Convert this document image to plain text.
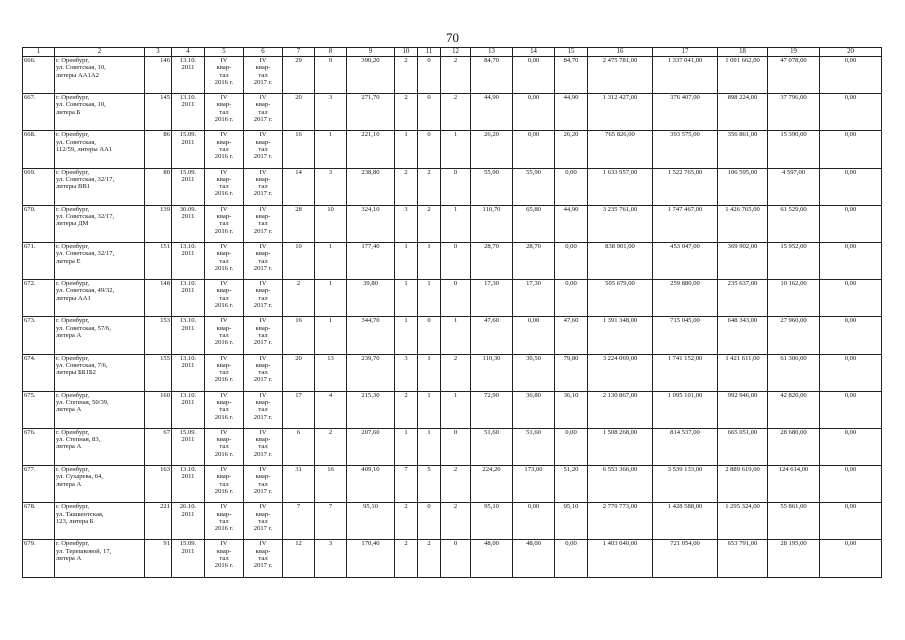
70
1	2	3	4	5	6	7	8	9	10	11	12	13	14	15	16	17	18	19	20
666.	г. Оренбург,
ул. Советская, 10,
литеры АА1А2	146	13.10.
2011	IV
квар-
тал
2016 г.	IV
квар-
тал
2017 г.	29	9	390,20	2	0	2	84,70	0,00	84,70	2 475 781,00	1 337 041,00	1 091 662,00	47 078,00	0,00
667.	г. Оренбург,
ул. Советская, 10,
литера Б	145	13.10.
2011	IV
квар-
тал
2016 г.	IV
квар-
тал
2017 г.	20	3	271,70	2	0	2	44,90	0,00	44,90	1 312 427,00	376 407,00	898 224,00	37 796,00	0,00
668.	г. Оренбург,
ул. Советская,
112/59, литеры АА1	86	15.09.
2011	IV
квар-
тал
2016 г.	IV
квар-
тал
2017 г.	16	1	221,10	1	0	1	26,20	0,00	26,20	765 826,00	393 575,00	356 861,00	15 390,00	0,00
669.	г. Оренбург,
ул. Советская, 32/17,
литеры ВВ1	80	15.09.
2011	IV
квар-
тал
2016 г.	IV
квар-
тал
2017 г.	14	3	238,80	2	2	0	55,90	55,90	0,00	1 633 957,00	1 522 765,00	106 595,00	4 597,00	0,00
670.	г. Оренбург,
ул. Советская, 32/17,
литеры ДМ	139	30.09.
2011	IV
квар-
тал
2016 г.	IV
квар-
тал
2017 г.	28	10	324,10	3	2	1	110,70	65,80	44,90	3 235 761,00	1 747 467,00	1 426 765,00	61 529,00	0,00
671.	г. Оренбург,
ул. Советская, 32/17,
литера Е	151	13.10.
2011	IV
квар-
тал
2016 г.	IV
квар-
тал
2017 г.	10	1	177,40	1	1	0	28,70	28,70	0,00	838 901,00	453 047,00	369 902,00	15 952,00	0,00
672.	г. Оренбург,
ул. Советская, 49/32,
литеры АА1	148	13.10.
2011	IV
квар-
тал
2016 г.	IV
квар-
тал
2017 г.	2	1	39,80	1	1	0	17,30	17,30	0,00	505 679,00	259 880,00	235 637,00	10 162,00	0,00
673.	г. Оренбург,
ул. Советская, 57/6,
литера А	153	13.10.
2011	IV
квар-
тал
2016 г.	IV
квар-
тал
2017 г.	16	1	344,70	1	0	1	47,60	0,00	47,60	1 391 348,00	715 045,00	648 343,00	27 960,00	0,00
674.	г. Оренбург,
ул. Советская, 7/6,
литеры ББ1Б2	155	13.10.
2011	IV
квар-
тал
2016 г.	IV
квар-
тал
2017 г.	20	13	239,70	3	1	2	110,30	30,50	79,80	3 224 069,00	1 741 152,00	1 421 611,00	61 306,00	0,00
675.	г. Оренбург,
ул. Степная, 50/39,
литера А	160	13.10.
2011	IV
квар-
тал
2016 г.	IV
квар-
тал
2017 г.	17	4	215,30	2	1	1	72,90	36,80	36,10	2 130 867,00	1 095 101,00	992 946,00	42 820,00	0,00
676.	г. Оренбург,
ул. Степная, 83,
литера А	67	15.09.
2011	IV
квар-
тал
2016 г.	IV
квар-
тал
2017 г.	6	2	207,60	1	1	0	51,60	51,60	0,00	1 508 268,00	814 537,00	665 051,00	28 680,00	0,00
677.	г. Оренбург,
ул. Сухарева, 64,
литера А	163	13.10.
2011	IV
квар-
тал
2016 г.	IV
квар-
тал
2017 г.	31	16	409,10	7	5	2	224,20	173,00	51,20	6 553 366,00	3 539 133,00	2 889 619,00	124 614,00	0,00
678.	г. Оренбург,
ул. Ташкентская,
123, литера Б	221	26.10.
2011	IV
квар-
тал
2016 г.	IV
квар-
тал
2017 г.	7	7	95,10	2	0	2	95,10	0,00	95,10	2 779 773,00	1 428 588,00	1 295 324,00	55 861,00	0,00
679.	г. Оренбург,
ул. Терешковой, 17,
литера А	91	15.09.
2011	IV
квар-
тал
2016 г.	IV
квар-
тал
2017 г.	12	3	170,40	2	2	0	48,00	48,00	0,00	1 403 040,00	721 054,00	653 791,00	28 195,00	0,00
